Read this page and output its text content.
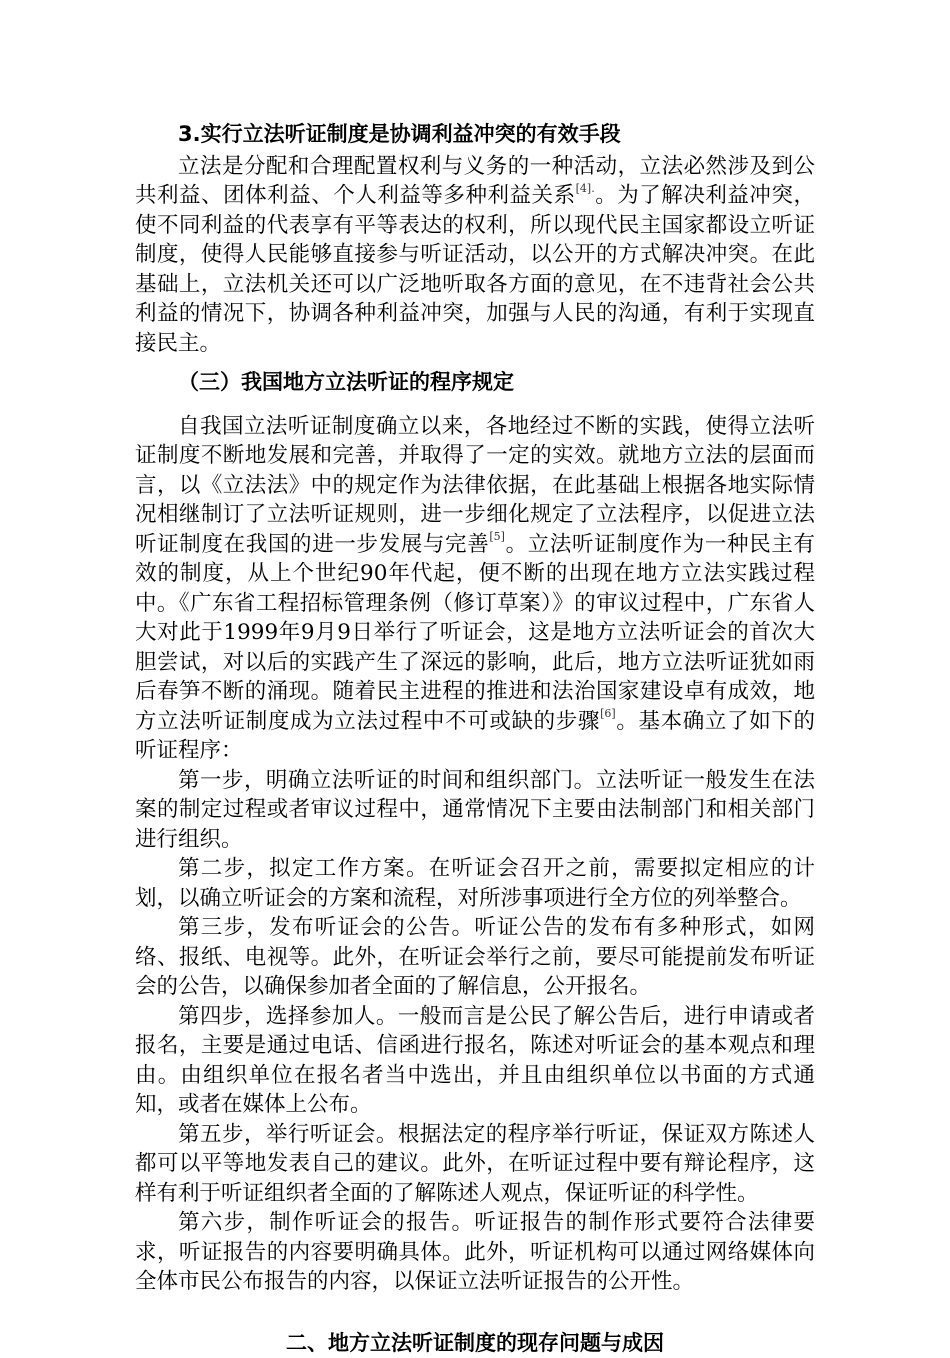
3.实行立法听证制度是协调利益冲突的有效手段

立法是分配和合理配置权利与义务的一种活动，立法必然涉及到公共利益、团体利益、个人利益等多种利益关系$^{[4].}$。为了解决利益冲突，使不同利益的代表享有平等表达的权利，所以现代民主国家都设立听证制度，使得人民能够直接参与听证活动，以公开的方式解决冲突。在此基础上，立法机关还可以广泛地听取各方面的意见，在不违背社会公共利益的情况下，协调各种利益冲突，加强与人民的沟通，有利于实现直接民主。

（三）我国地方立法听证的程序规定

自我国立法听证制度确立以来，各地经过不断的实践，使得立法听证制度不断地发展和完善，并取得了一定的实效。就地方立法的层面而言，以《立法法》中的规定作为法律依据，在此基础上根据各地实际情况相继制订了立法听证规则，进一步细化规定了立法程序，以促进立法听证制度在我国的进一步发展与完善[5]。立法听证制度作为一种民主有效的制度，从上个世纪90年代起，便不断的出现在地方立法实践过程中。《广东省工程招标管理条例（修订草案）》的审议过程中，广东省人大对此于1999年9月9日举行了听证会，这是地方立法听证会的首次大胆尝试，对以后的实践产生了深远的影响，此后，地方立法听证犹如雨后春笋不断的涌现。随着民主进程的推进和法治国家建设卓有成效，地方立法听证制度成为立法过程中不可或缺的步骤[6]。基本确立了如下的听证程序：

第一步，明确立法听证的时间和组织部门。立法听证一般发生在法案的制定过程或者审议过程中，通常情况下主要由法制部门和相关部门进行组织。

第二步，拟定工作方案。在听证会召开之前，需要拟定相应的计划，以确立听证会的方案和流程，对所涉事项进行全方位的列举整合。

第三步，发布听证会的公告。听证公告的发布有多种形式，如网络、报纸、电视等。此外，在听证会举行之前，要尽可能提前发布听证会的公告，以确保参加者全面的了解信息，公开报名。

第四步，选择参加人。一般而言是公民了解公告后，进行申请或者报名，主要是通过电话、信函进行报名，陈述对听证会的基本观点和理由。由组织单位在报名者当中选出，并且由组织单位以书面的方式通知，或者在媒体上公布。

第五步，举行听证会。根据法定的程序举行听证，保证双方陈述人都可以平等地发表自己的建议。此外，在听证过程中要有辩论程序，这样有利于听证组织者全面的了解陈述人观点，保证听证的科学性。

第六步，制作听证会的报告。听证报告的制作形式要符合法律要求，听证报告的内容要明确具体。此外，听证机构可以通过网络媒体向全体市民公布报告的内容，以保证立法听证报告的公开性。

二、地方立法听证制度的现存问题与成因
